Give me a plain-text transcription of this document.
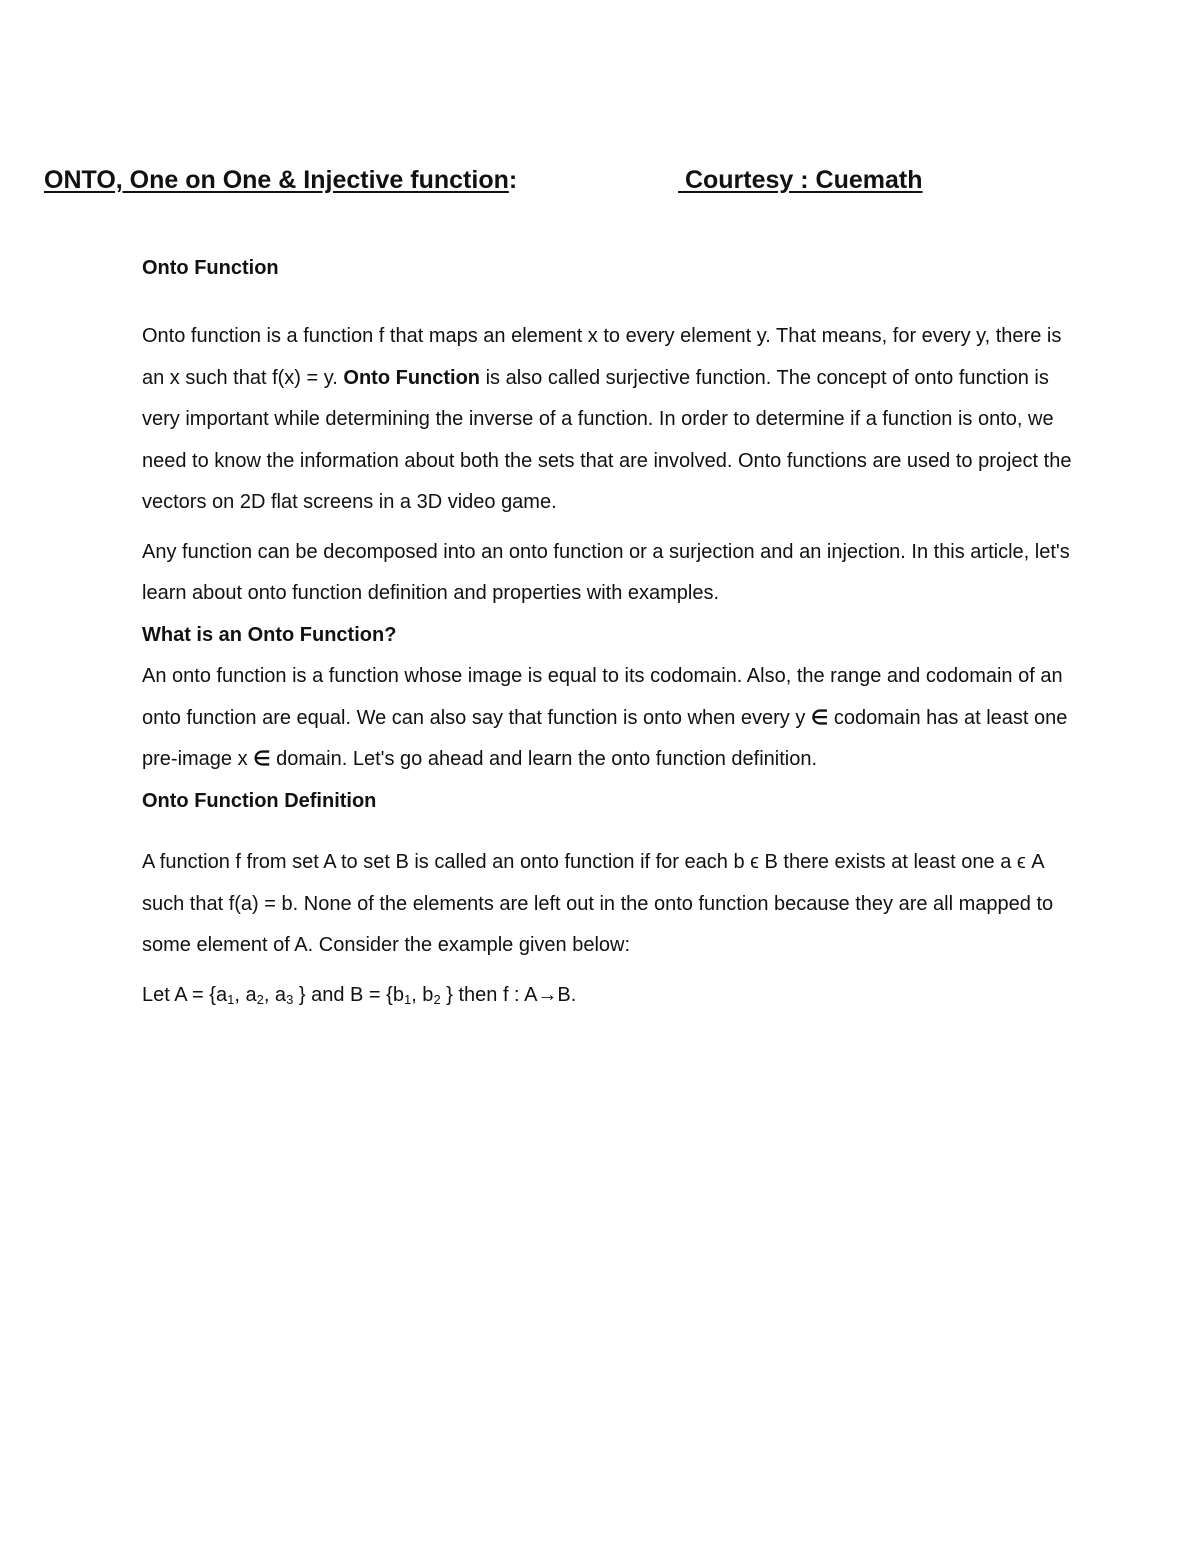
ONTO, One on One & Injective function:	Courtesy : Cuemath

Onto Function

Onto function is a function f that maps an element x to every element y. That means, for every y, there is an x such that f(x) = y. Onto Function is also called surjective function. The concept of onto function is very important while determining the inverse of a function. In order to determine if a function is onto, we need to know the information about both the sets that are involved. Onto functions are used to project the vectors on 2D flat screens in a 3D video game.

Any function can be decomposed into an onto function or a surjection and an injection. In this article, let's learn about onto function definition and properties with examples.

What is an Onto Function?

An onto function is a function whose image is equal to its codomain. Also, the range and codomain of an onto function are equal. We can also say that function is onto when every y ∈ codomain has at least one pre-image x ∈ domain. Let's go ahead and learn the onto function definition.

Onto Function Definition

A function f from set A to set B is called an onto function if for each b ϵ B there exists at least one a ϵ A such that f(a) = b. None of the elements are left out in the onto function because they are all mapped to some element of A. Consider the example given below:

Let $A = \{a_1$, $a_2$, $a_3$ } and $B = \{b_1$, $b_2$ } then f : A→B.
